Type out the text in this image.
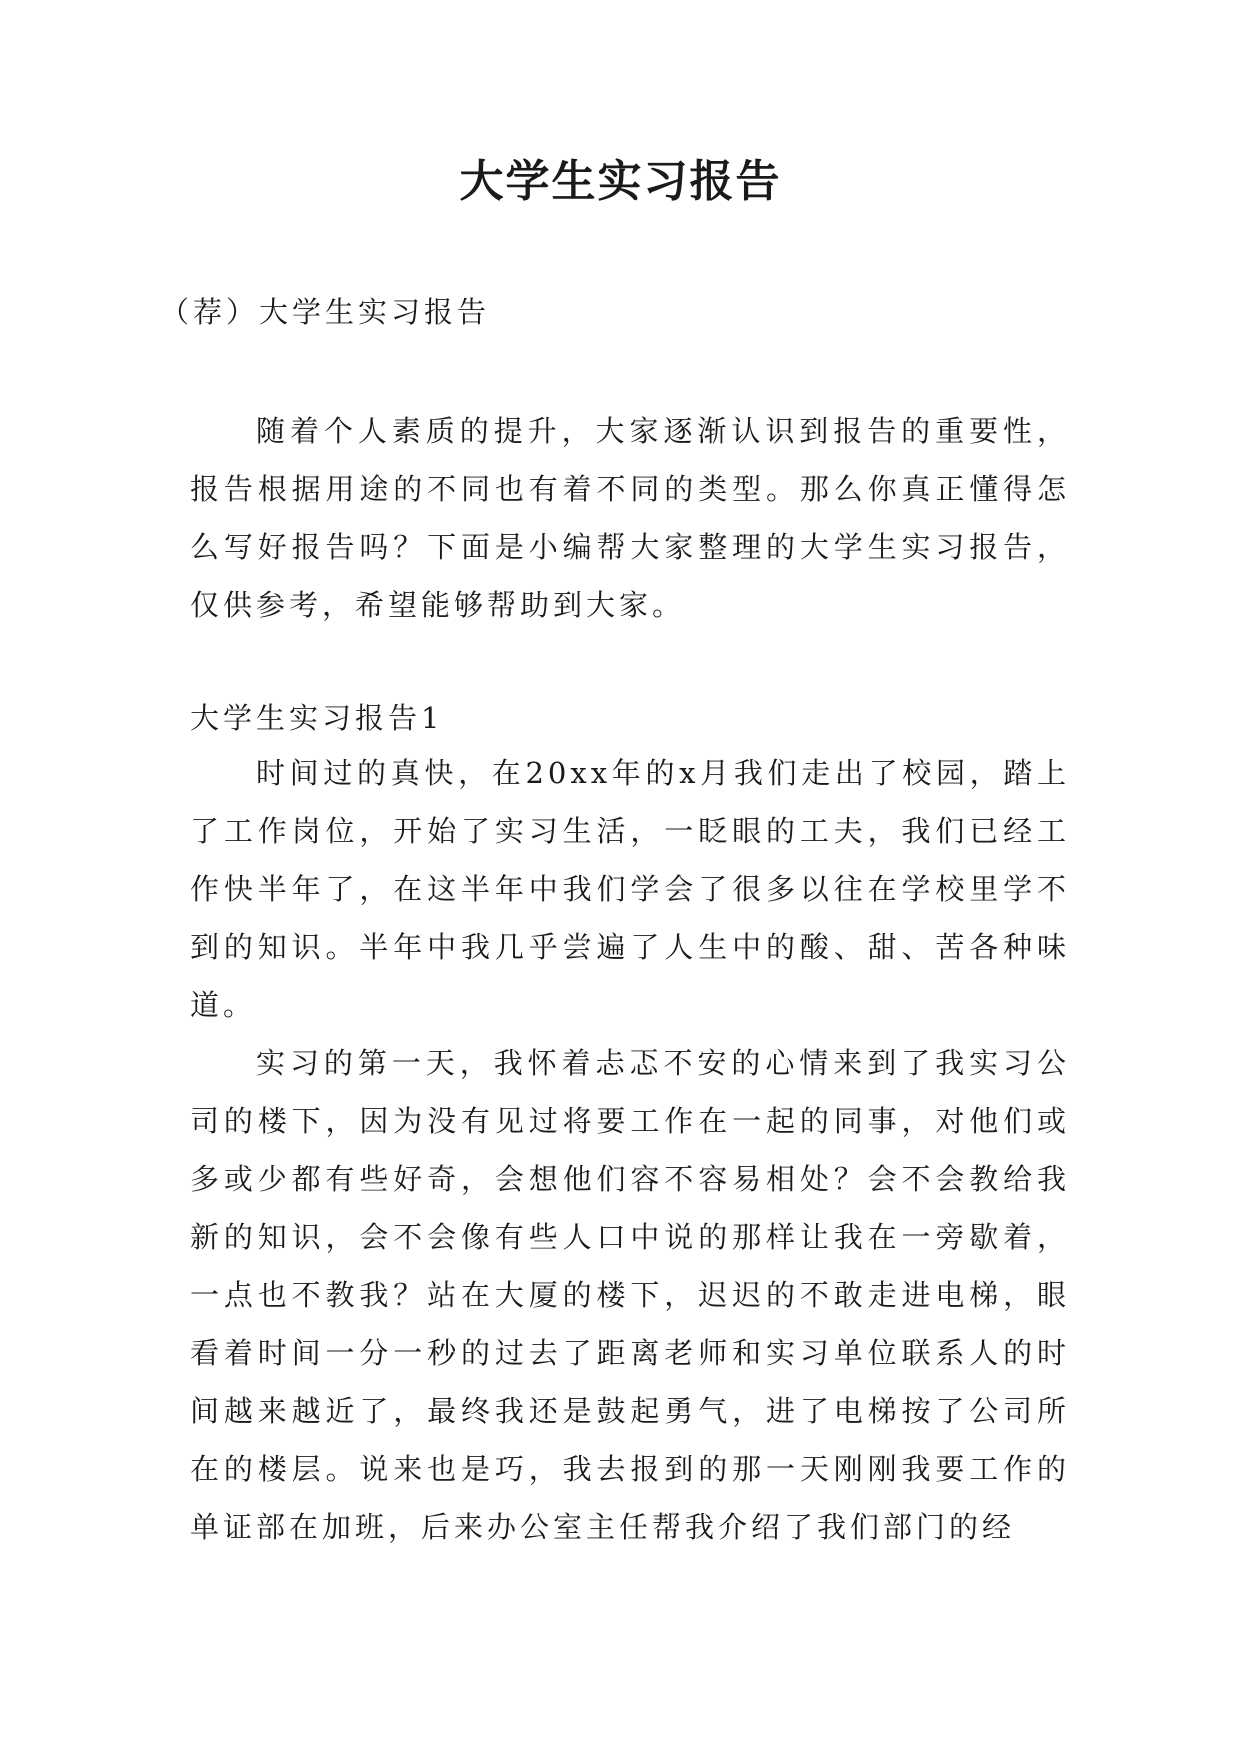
大学生实习报告

（荐）大学生实习报告

随着个人素质的提升，大家逐渐认识到报告的重要性，报告根据用途的不同也有着不同的类型。那么你真正懂得怎么写好报告吗？下面是小编帮大家整理的大学生实习报告，仅供参考，希望能够帮助到大家。

大学生实习报告1

时间过的真快，在20xx年的x月我们走出了校园，踏上了工作岗位，开始了实习生活，一眨眼的工夫，我们已经工作快半年了，在这半年中我们学会了很多以往在学校里学不到的知识。半年中我几乎尝遍了人生中的酸、甜、苦各种味道。

实习的第一天，我怀着忐忑不安的心情来到了我实习公司的楼下，因为没有见过将要工作在一起的同事，对他们或多或少都有些好奇，会想他们容不容易相处？会不会教给我新的知识，会不会像有些人口中说的那样让我在一旁歇着，一点也不教我？站在大厦的楼下，迟迟的不敢走进电梯，眼看着时间一分一秒的过去了距离老师和实习单位联系人的时间越来越近了，最终我还是鼓起勇气，进了电梯按了公司所在的楼层。说来也是巧，我去报到的那一天刚刚我要工作的单证部在加班，后来办公室主任帮我介绍了我们部门的经
